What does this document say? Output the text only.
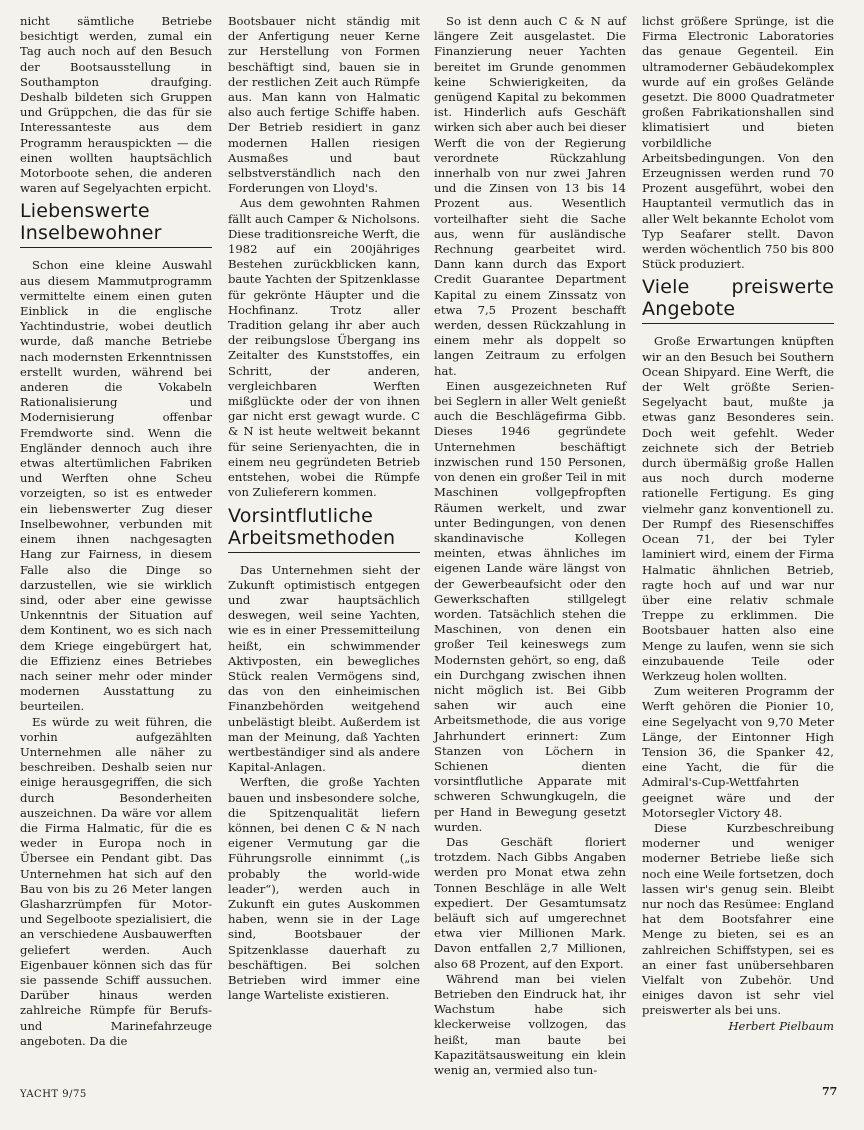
nicht sämtliche Betriebe besichtigt werden, zumal ein Tag auch noch auf den Besuch der Bootsausstellung in Southampton draufging. Deshalb bildeten sich Gruppen und Grüppchen, die das für sie Interessanteste aus dem Programm herauspickten — die einen wollten hauptsächlich Motorboote sehen, die anderen waren auf Segelyachten erpicht.

Liebenswerte Inselbewohner

Schon eine kleine Auswahl aus diesem Mammutprogramm vermittelte einem einen guten Einblick in die englische Yachtindustrie, wobei deutlich wurde, daß manche Betriebe nach modernsten Erkenntnissen erstellt wurden, während bei anderen die Vokabeln Rationalisierung und Modernisierung offenbar Fremdworte sind. Wenn die Engländer dennoch auch ihre etwas altertümlichen Fabriken und Werften ohne Scheu vorzeigten, so ist es entweder ein liebenswerter Zug dieser Inselbewohner, verbunden mit einem ihnen nachgesagten Hang zur Fairness, in diesem Falle also die Dinge so darzustellen, wie sie wirklich sind, oder aber eine gewisse Unkenntnis der Situation auf dem Kontinent, wo es sich nach dem Kriege eingebürgert hat, die Effizienz eines Betriebes nach seiner mehr oder minder modernen Ausstattung zu beurteilen.

Es würde zu weit führen, die vorhin aufgezählten Unternehmen alle näher zu beschreiben. Deshalb seien nur einige herausgegriffen, die sich durch Besonderheiten auszeichnen. Da wäre vor allem die Firma Halmatic, für die es weder in Europa noch in Übersee ein Pendant gibt. Das Unternehmen hat sich auf den Bau von bis zu 26 Meter langen Glasharzrümpfen für Motor- und Segelboote spezialisiert, die an verschiedene Ausbauwerften geliefert werden. Auch Eigenbauer können sich das für sie passende Schiff aussuchen. Darüber hinaus werden zahlreiche Rümpfe für Berufs- und Marinefahrzeuge angeboten. Da die

Bootsbauer nicht ständig mit der Anfertigung neuer Kerne zur Herstellung von Formen beschäftigt sind, bauen sie in der restlichen Zeit auch Rümpfe aus. Man kann von Halmatic also auch fertige Schiffe haben. Der Betrieb residiert in ganz modernen Hallen riesigen Ausmaßes und baut selbstverständlich nach den Forderungen von Lloyd's.

Aus dem gewohnten Rahmen fällt auch Camper & Nicholsons. Diese traditionsreiche Werft, die 1982 auf ein 200jähriges Bestehen zurückblicken kann, baute Yachten der Spitzenklasse für gekrönte Häupter und die Hochfinanz. Trotz aller Tradition gelang ihr aber auch der reibungslose Übergang ins Zeitalter des Kunststoffes, ein Schritt, der anderen, vergleichbaren Werften mißglückte oder der von ihnen gar nicht erst gewagt wurde. C & N ist heute weltweit bekannt für seine Serienyachten, die in einem neu gegründeten Betrieb entstehen, wobei die Rümpfe von Zulieferern kommen.

Vorsintflutliche Arbeitsmethoden

Das Unternehmen sieht der Zukunft optimistisch entgegen und zwar hauptsächlich deswegen, weil seine Yachten, wie es in einer Pressemitteilung heißt, ein schwimmender Aktivposten, ein bewegliches Stück realen Vermögens sind, das von den einheimischen Finanzbehörden weitgehend unbelästigt bleibt. Außerdem ist man der Meinung, daß Yachten wertbeständiger sind als andere Kapital-Anlagen.

Werften, die große Yachten bauen und insbesondere solche, die Spitzenqualität liefern können, bei denen C & N nach eigener Vermutung gar die Führungsrolle einnimmt („is probably the world-wide leader“), werden auch in Zukunft ein gutes Auskommen haben, wenn sie in der Lage sind, Bootsbauer der Spitzenklasse dauerhaft zu beschäftigen. Bei solchen Betrieben wird immer eine lange Warteliste existieren.

So ist denn auch C & N auf längere Zeit ausgelastet. Die Finanzierung neuer Yachten bereitet im Grunde genommen keine Schwierigkeiten, da genügend Kapital zu bekommen ist. Hinderlich aufs Geschäft wirken sich aber auch bei dieser Werft die von der Regierung verordnete Rückzahlung innerhalb von nur zwei Jahren und die Zinsen von 13 bis 14 Prozent aus. Wesentlich vorteilhafter sieht die Sache aus, wenn für ausländische Rechnung gearbeitet wird. Dann kann durch das Export Credit Guarantee Department Kapital zu einem Zinssatz von etwa 7,5 Prozent beschafft werden, dessen Rückzahlung in einem mehr als doppelt so langen Zeitraum zu erfolgen hat.

Einen ausgezeichneten Ruf bei Seglern in aller Welt genießt auch die Beschlägefirma Gibb. Dieses 1946 gegründete Unternehmen beschäftigt inzwischen rund 150 Personen, von denen ein großer Teil in mit Maschinen vollgepfropften Räumen werkelt, und zwar unter Bedingungen, von denen skandinavische Kollegen meinten, etwas ähnliches im eigenen Lande wäre längst von der Gewerbeaufsicht oder den Gewerkschaften stillgelegt worden. Tatsächlich stehen die Maschinen, von denen ein großer Teil keineswegs zum Modernsten gehört, so eng, daß ein Durchgang zwischen ihnen nicht möglich ist. Bei Gibb sahen wir auch eine Arbeitsmethode, die aus vorige Jahrhundert erinnert: Zum Stanzen von Löchern in Schienen dienten vorsintflutliche Apparate mit schweren Schwungkugeln, die per Hand in Bewegung gesetzt wurden.

Das Geschäft floriert trotzdem. Nach Gibbs Angaben werden pro Monat etwa zehn Tonnen Beschläge in alle Welt expediert. Der Gesamtumsatz beläuft sich auf umgerechnet etwa vier Millionen Mark. Davon entfallen 2,7 Millionen, also 68 Prozent, auf den Export.

Während man bei vielen Betrieben den Eindruck hat, ihr Wachstum habe sich kleckerweise vollzogen, das heißt, man baute bei Kapazitätsausweitung ein klein wenig an, vermied also tun-

lichst größere Sprünge, ist die Firma Electronic Laboratories das genaue Gegenteil. Ein ultramoderner Gebäudekomplex wurde auf ein großes Gelände gesetzt. Die 8000 Quadratmeter großen Fabrikationshallen sind klimatisiert und bieten vorbildliche Arbeitsbedingungen. Von den Erzeugnissen werden rund 70 Prozent ausgeführt, wobei den Hauptanteil vermutlich das in aller Welt bekannte Echolot vom Typ Seafarer stellt. Davon werden wöchentlich 750 bis 800 Stück produziert.

Viele preiswerte Angebote

Große Erwartungen knüpften wir an den Besuch bei Southern Ocean Shipyard. Eine Werft, die der Welt größte Serien-Segelyacht baut, mußte ja etwas ganz Besonderes sein. Doch weit gefehlt. Weder zeichnete sich der Betrieb durch übermäßig große Hallen aus noch durch moderne rationelle Fertigung. Es ging vielmehr ganz konventionell zu. Der Rumpf des Riesenschiffes Ocean 71, der bei Tyler laminiert wird, einem der Firma Halmatic ähnlichen Betrieb, ragte hoch auf und war nur über eine relativ schmale Treppe zu erklimmen. Die Bootsbauer hatten also eine Menge zu laufen, wenn sie sich einzubauende Teile oder Werkzeug holen wollten.

Zum weiteren Programm der Werft gehören die Pionier 10, eine Segelyacht von 9,70 Meter Länge, der Eintonner High Tension 36, die Spanker 42, eine Yacht, die für die Admiral's-Cup-Wettfahrten geeignet wäre und der Motorsegler Victory 48.

Diese Kurzbeschreibung moderner und weniger moderner Betriebe ließe sich noch eine Weile fortsetzen, doch lassen wir's genug sein. Bleibt nur noch das Resümee: England hat dem Bootsfahrer eine Menge zu bieten, sei es an zahlreichen Schiffstypen, sei es an einer fast unübersehbaren Vielfalt von Zubehör. Und einiges davon ist sehr viel preiswerter als bei uns.

Herbert Pielbaum

YACHT 9/75	77
